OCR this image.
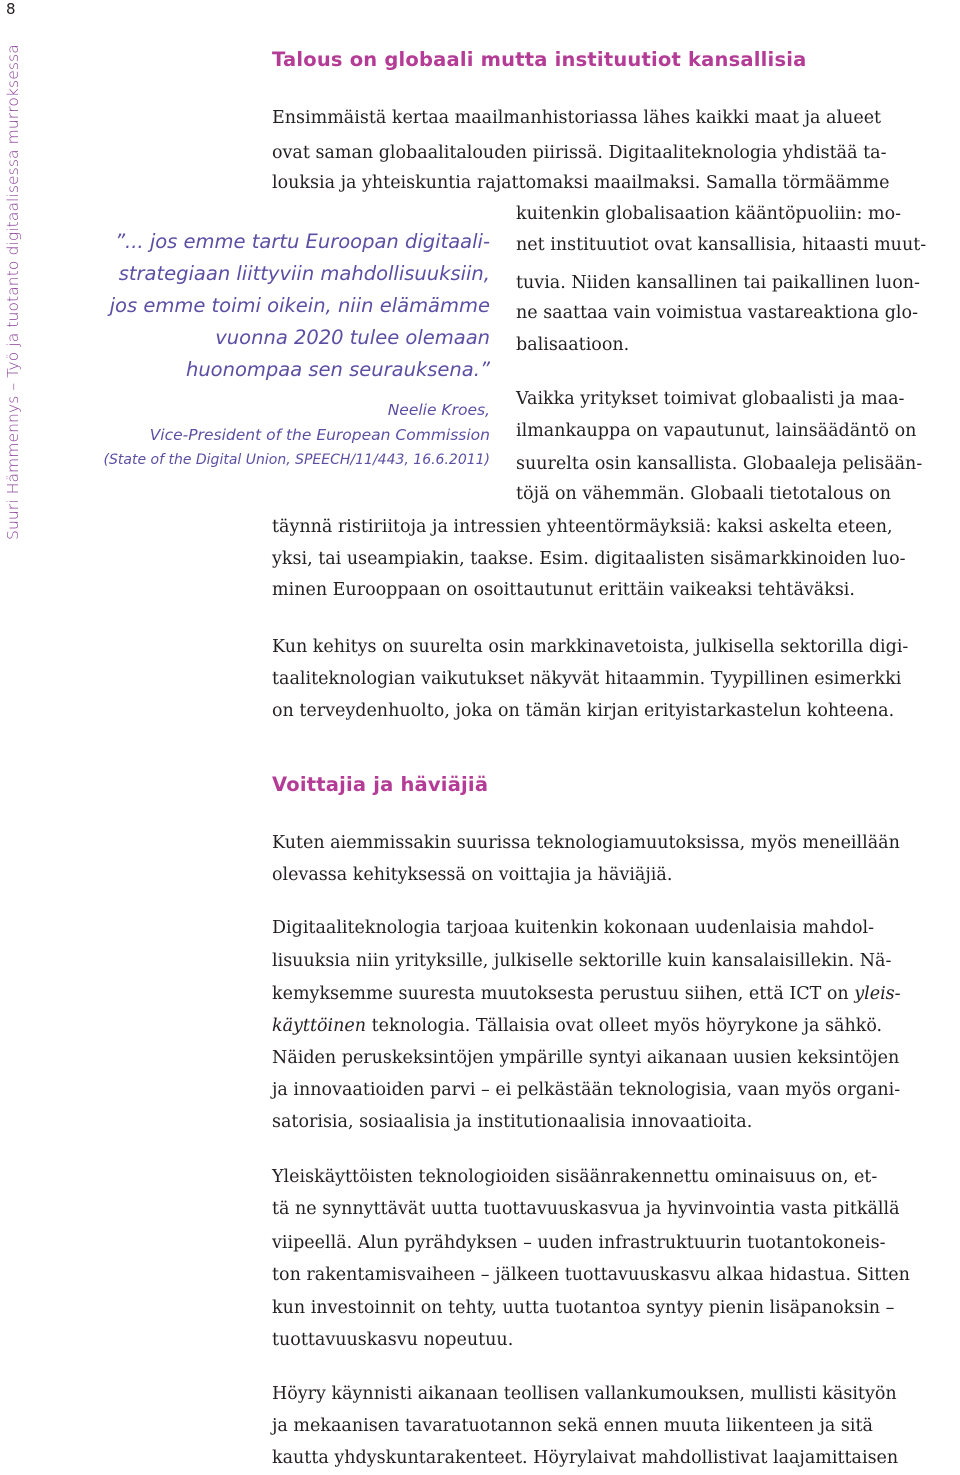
8
Suuri Hämmennys – Työ ja tuotanto digitaalisessa murroksessa	Talous on globaali mutta instituutiot kansallisia
”... jos emme tartu Euroopan digitaali-
strategiaan liittyviin mahdollisuuksiin,
jos emme toimi oikein, niin elämämme
vuonna 2020 tulee olemaan
huonompaa sen seurauksena.”
Neelie Kroes,
Vice-President of the European Commission
(State of the Digital Union, SPEECH/11/443, 16.6.2011)
Ensimmäistä kertaa maailmanhistoriassa lähes kaikki maat ja alueet
ovat saman globaalitalouden piirissä. Digitaaliteknologia yhdistää ta-
louksia ja yhteiskuntia rajattomaksi maailmaksi. Samalla törmäämme
kuitenkin globalisaation kääntöpuoliin: mo-
net instituutiot ovat kansallisia, hitaasti muut-
tuvia. Niiden kansallinen tai paikallinen luon-
ne saattaa vain voimistua vastareaktiona glo-
balisaatioon.
Vaikka yritykset toimivat globaalisti ja maa-
ilmankauppa on vapautunut, lainsäädäntö on
suurelta osin kansallista. Globaaleja pelisään-
töjä on vähemmän. Globaali tietotalous on
täynnä ristiriitoja ja intressien yhteentörmäyksiä: kaksi askelta eteen,
yksi, tai useampiakin, taakse. Esim. digitaalisten sisämarkkinoiden luo-
minen Eurooppaan on osoittautunut erittäin vaikeaksi tehtäväksi.
Kun kehitys on suurelta osin markkinavetoista, julkisella sektorilla digi-
taaliteknologian vaikutukset näkyvät hitaammin. Tyypillinen esimerkki
on terveydenhuolto, joka on tämän kirjan erityistarkastelun kohteena.
Voittajia ja häviäjiä
Kuten aiemmissakin suurissa teknologiamuutoksissa, myös meneillään
olevassa kehityksessä on voittajia ja häviäjiä.
Digitaaliteknologia tarjoaa kuitenkin kokonaan uudenlaisia mahdol-
lisuuksia niin yrityksille, julkiselle sektorille kuin kansalaisillekin. Nä-
kemyksemme suuresta muutoksesta perustuu siihen, että ICT on yleis-
käyttöinen teknologia. Tällaisia ovat olleet myös höyrykone ja sähkö.
Näiden peruskeksintöjen ympärille syntyi aikanaan uusien keksintöjen
ja innovaatioiden parvi – ei pelkästään teknologisia, vaan myös organi-
satorisia, sosiaalisia ja institutionaalisia innovaatioita.
Yleiskäyttöisten teknologioiden sisäänrakennettu ominaisuus on, et-
tä ne synnyttävät uutta tuottavuuskasvua ja hyvinvointia vasta pitkällä
viipeellä. Alun pyrähdyksen – uuden infrastruktuurin tuotantokoneis-
ton rakentamisvaiheen – jälkeen tuottavuuskasvu alkaa hidastua. Sitten
kun investoinnit on tehty, uutta tuotantoa syntyy pienin lisäpanoksin –
tuottavuuskasvu nopeutuu.
Höyry käynnisti aikanaan teollisen vallankumouksen, mullisti käsityön
ja mekaanisen tavaratuotannon sekä ennen muuta liikenteen ja sitä
kautta yhdyskuntarakenteet. Höyrylaivat mahdollistivat laajamittaisen
